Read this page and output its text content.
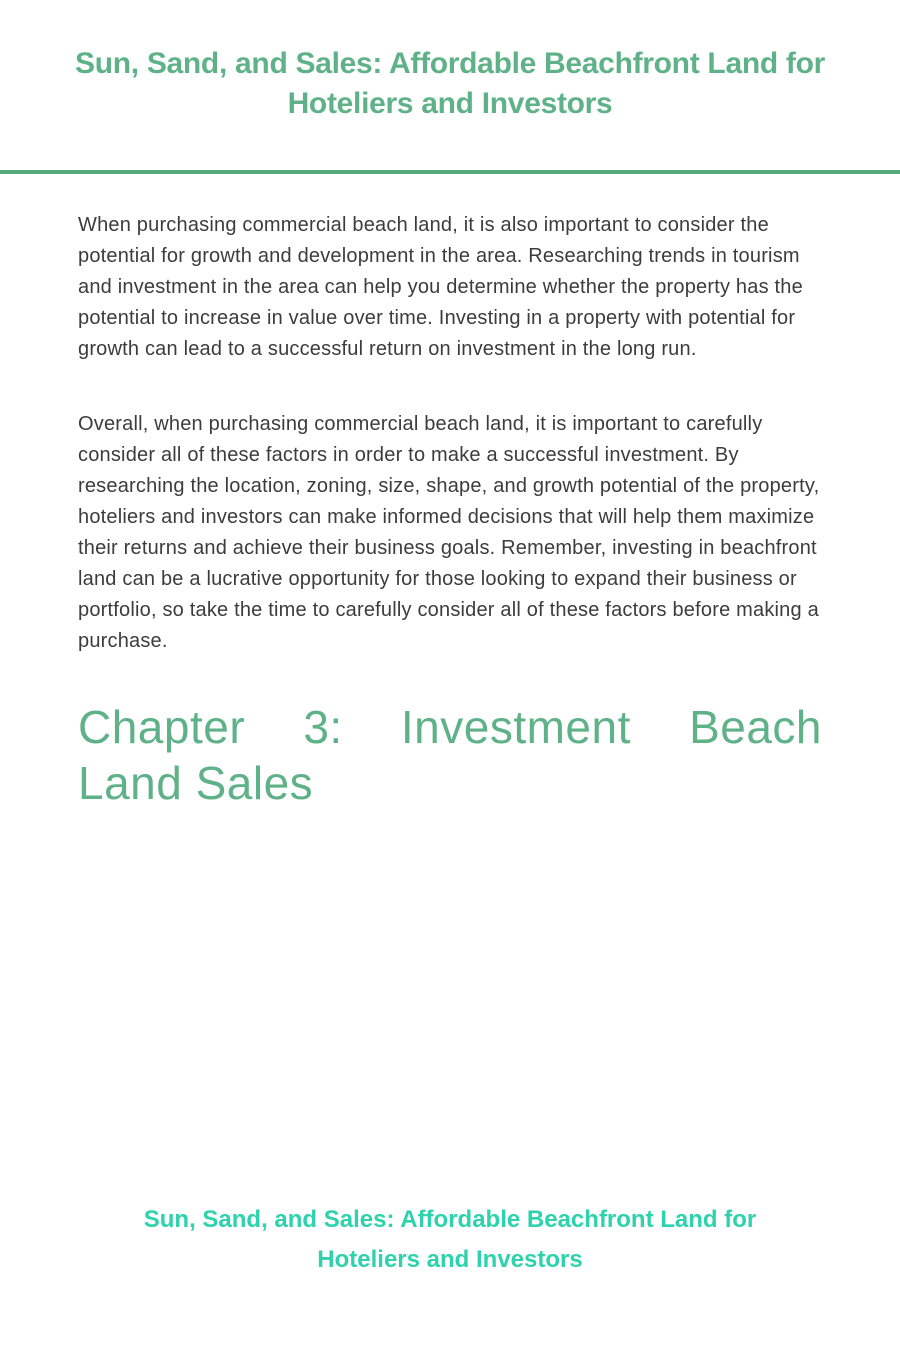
Sun, Sand, and Sales: Affordable Beachfront Land for
Hoteliers and Investors

When purchasing commercial beach land, it is also important to consider the potential for growth and development in the area. Researching trends in tourism and investment in the area can help you determine whether the property has the potential to increase in value over time. Investing in a property with potential for growth can lead to a successful return on investment in the long run.

Overall, when purchasing commercial beach land, it is important to carefully consider all of these factors in order to make a successful investment. By researching the location, zoning, size, shape, and growth potential of the property, hoteliers and investors can make informed decisions that will help them maximize their returns and achieve their business goals. Remember, investing in beachfront land can be a lucrative opportunity for those looking to expand their business or portfolio, so take the time to carefully consider all of these factors before making a purchase.

Chapter 3: Investment Beach
Land Sales
Sun, Sand, and Sales: Affordable Beachfront Land for
Hoteliers and Investors
